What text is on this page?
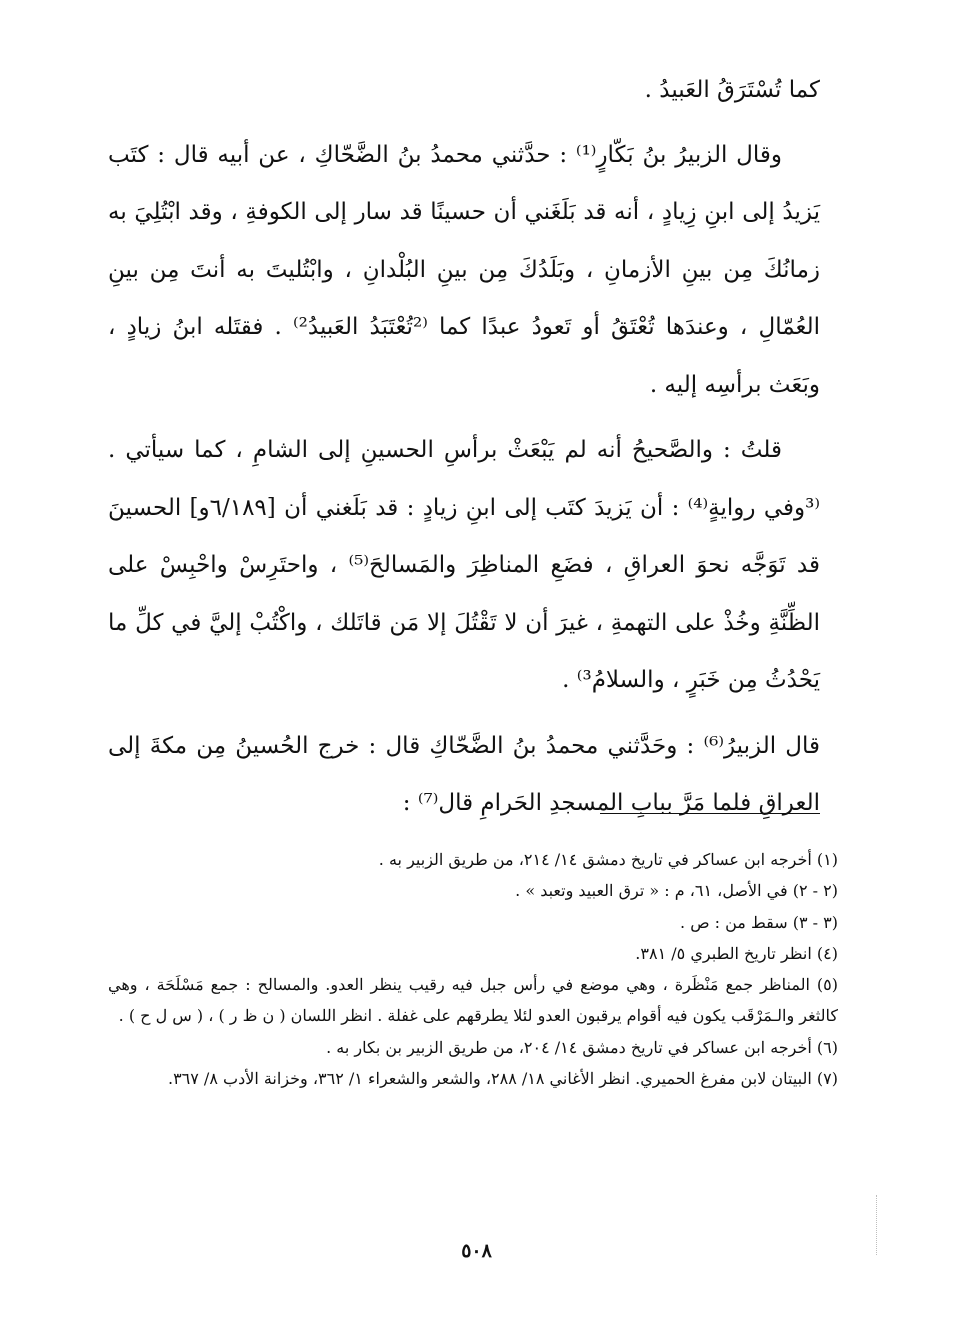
كما تُسْتَرَقُ العَبيدُ .

وقال الزبيرُ بنُ بَكّارٍ⁽¹⁾ : حدَّثني محمدُ بنُ الضَّحّاكِ ، عن أبيه قال : كتَب يَزيدُ إلى ابنِ زِيادٍ ، أنه قد بَلَغَني أن حسينًا قد سار إلى الكوفةِ ، وقد ابْتُلِيَ به زمانُكَ مِن بينِ الأزمانِ ، وبَلَدُكَ مِن بينِ البُلْدانِ ، وابْتُليتَ به أنتَ مِن بينِ العُمّالِ ، وعندَها تُعْتَقُ أو تَعودُ عبدًا كما ⁽²تُعْتَبَدُ العَبيدُ²⁾ . فقتَله ابنُ زيادٍ ، وبَعَث برأسِه إليه .

قلتُ : والصَّحيحُ أنه لم يَبْعَثْ برأسِ الحسينِ إلى الشامِ ، كما سيأتي . ⁽³وفي روايةٍ⁽⁴⁾ : أن يَزيدَ كتَب إلى ابنِ زيادٍ : قد بَلَغني أن [٦/١٨٩و] الحسينَ قد تَوَجَّه نحوَ العراقِ ، فضَعِ المناظِرَ والمَسالحَ⁽⁵⁾ ، واحتَرِسْ واحْبِسْ على الظِّنَّةِ وخُذْ على التهمةِ ، غيرَ أن لا تَقْتُلَ إلا مَن قاتَلك ، واكْتُبْ إليَّ في كلِّ ما يَحْدُثُ مِن خَبَرٍ ، والسلامُ³⁾ .

قال الزبيرُ⁽⁶⁾ : وحَدَّثني محمدُ بنُ الضَّحّاكِ قال : خرج الحُسينُ مِن مكةَ إلى العراقِ فلما مَرَّ ببابِ المسجدِ الحَرامِ قال⁽⁷⁾ :

(١) أخرجه ابن عساكر في تاريخ دمشق ١٤/ ٢١٤، من طريق الزبير به .

(٢ - ٢) في الأصل، ٦١، م : « ترق العبيد وتعبد » .

(٣ - ٣) سقط من : ص .

(٤) انظر تاريخ الطبري ٥/ ٣٨١.

(٥) المناظر جمع مَنْظَرة ، وهي موضع في رأس جبل فيه رقيب ينظر العدو. والمسالح : جمع مَسْلَحَة ، وهي كالثغر والـمَرْقَب يكون فيه أقوام يرقبون العدو لئلا يطرقهم على غفلة . انظر اللسان ( ن ظ ر ) ، ( س ل ح ) .

(٦) أخرجه ابن عساكر في تاريخ دمشق ١٤/ ٢٠٤، من طريق الزبير بن بكار به .

(٧) البيتان لابن مفرغ الحميري. انظر الأغاني ١٨/ ٢٨٨، والشعر والشعراء ١/ ٣٦٢، وخزانة الأدب ٨/ ٣٦٧.

٥٠٨
